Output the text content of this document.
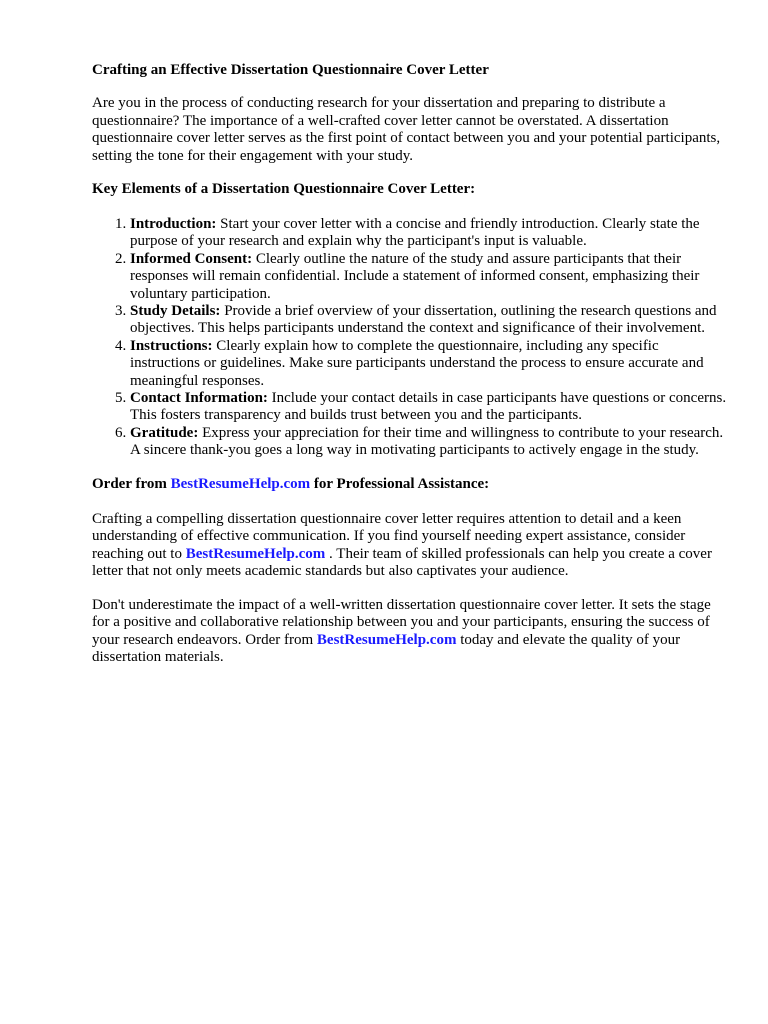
Crafting an Effective Dissertation Questionnaire Cover Letter

Are you in the process of conducting research for your dissertation and preparing to distribute a questionnaire? The importance of a well-crafted cover letter cannot be overstated. A dissertation questionnaire cover letter serves as the first point of contact between you and your potential participants, setting the tone for their engagement with your study.

Key Elements of a Dissertation Questionnaire Cover Letter:
1. Introduction: Start your cover letter with a concise and friendly introduction. Clearly state the purpose of your research and explain why the participant's input is valuable.
2. Informed Consent: Clearly outline the nature of the study and assure participants that their responses will remain confidential. Include a statement of informed consent, emphasizing their voluntary participation.
3. Study Details: Provide a brief overview of your dissertation, outlining the research questions and objectives. This helps participants understand the context and significance of their involvement.
4. Instructions: Clearly explain how to complete the questionnaire, including any specific instructions or guidelines. Make sure participants understand the process to ensure accurate and meaningful responses.
5. Contact Information: Include your contact details in case participants have questions or concerns. This fosters transparency and builds trust between you and the participants.
6. Gratitude: Express your appreciation for their time and willingness to contribute to your research. A sincere thank-you goes a long way in motivating participants to actively engage in the study.
Order from BestResumeHelp.com for Professional Assistance:

Crafting a compelling dissertation questionnaire cover letter requires attention to detail and a keen understanding of effective communication. If you find yourself needing expert assistance, consider reaching out to BestResumeHelp.com . Their team of skilled professionals can help you create a cover letter that not only meets academic standards but also captivates your audience.

Don't underestimate the impact of a well-written dissertation questionnaire cover letter. It sets the stage for a positive and collaborative relationship between you and your participants, ensuring the success of your research endeavors. Order from BestResumeHelp.com today and elevate the quality of your dissertation materials.
